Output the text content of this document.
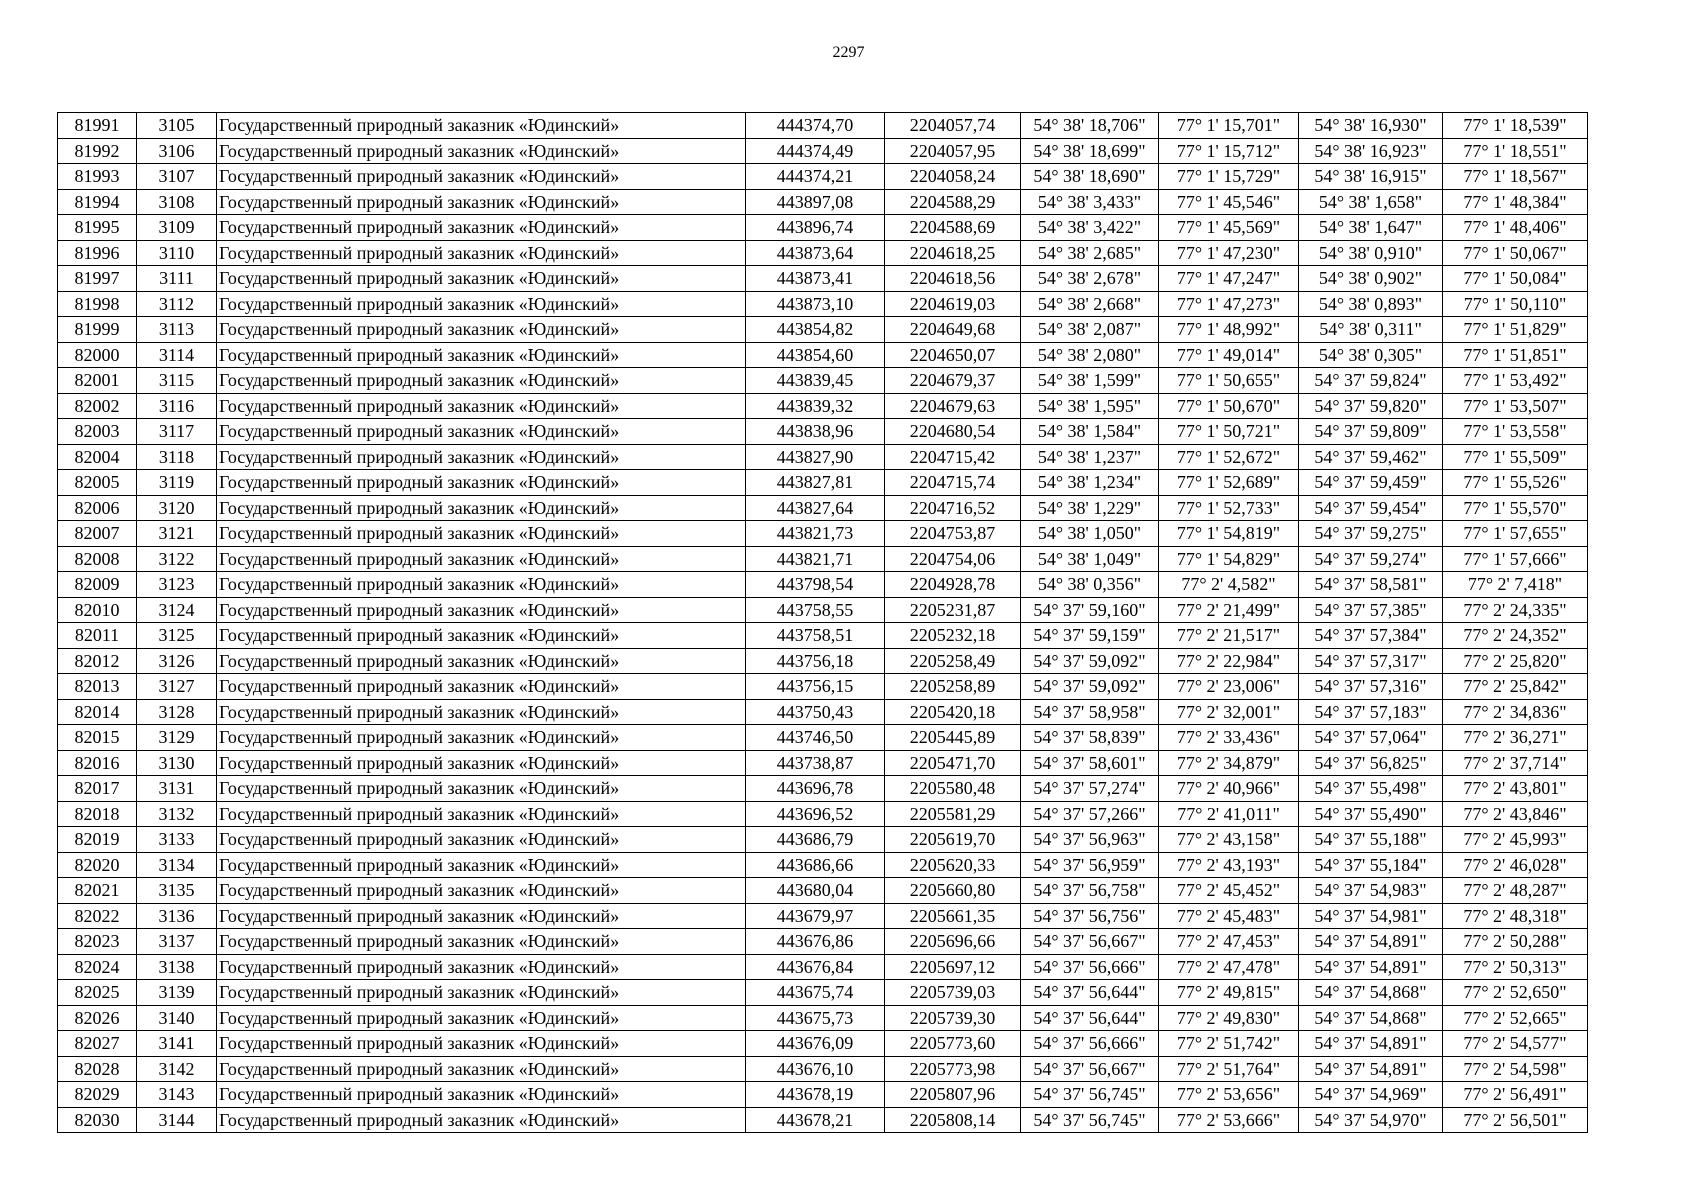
2297
81991	3105	Государственный природный заказник «Юдинский»	444374,70	2204057,74	54° 38' 18,706"	77° 1' 15,701"	54° 38' 16,930"	77° 1' 18,539"
81992	3106	Государственный природный заказник «Юдинский»	444374,49	2204057,95	54° 38' 18,699"	77° 1' 15,712"	54° 38' 16,923"	77° 1' 18,551"
81993	3107	Государственный природный заказник «Юдинский»	444374,21	2204058,24	54° 38' 18,690"	77° 1' 15,729"	54° 38' 16,915"	77° 1' 18,567"
81994	3108	Государственный природный заказник «Юдинский»	443897,08	2204588,29	54° 38' 3,433"	77° 1' 45,546"	54° 38' 1,658"	77° 1' 48,384"
81995	3109	Государственный природный заказник «Юдинский»	443896,74	2204588,69	54° 38' 3,422"	77° 1' 45,569"	54° 38' 1,647"	77° 1' 48,406"
81996	3110	Государственный природный заказник «Юдинский»	443873,64	2204618,25	54° 38' 2,685"	77° 1' 47,230"	54° 38' 0,910"	77° 1' 50,067"
81997	3111	Государственный природный заказник «Юдинский»	443873,41	2204618,56	54° 38' 2,678"	77° 1' 47,247"	54° 38' 0,902"	77° 1' 50,084"
81998	3112	Государственный природный заказник «Юдинский»	443873,10	2204619,03	54° 38' 2,668"	77° 1' 47,273"	54° 38' 0,893"	77° 1' 50,110"
81999	3113	Государственный природный заказник «Юдинский»	443854,82	2204649,68	54° 38' 2,087"	77° 1' 48,992"	54° 38' 0,311"	77° 1' 51,829"
82000	3114	Государственный природный заказник «Юдинский»	443854,60	2204650,07	54° 38' 2,080"	77° 1' 49,014"	54° 38' 0,305"	77° 1' 51,851"
82001	3115	Государственный природный заказник «Юдинский»	443839,45	2204679,37	54° 38' 1,599"	77° 1' 50,655"	54° 37' 59,824"	77° 1' 53,492"
82002	3116	Государственный природный заказник «Юдинский»	443839,32	2204679,63	54° 38' 1,595"	77° 1' 50,670"	54° 37' 59,820"	77° 1' 53,507"
82003	3117	Государственный природный заказник «Юдинский»	443838,96	2204680,54	54° 38' 1,584"	77° 1' 50,721"	54° 37' 59,809"	77° 1' 53,558"
82004	3118	Государственный природный заказник «Юдинский»	443827,90	2204715,42	54° 38' 1,237"	77° 1' 52,672"	54° 37' 59,462"	77° 1' 55,509"
82005	3119	Государственный природный заказник «Юдинский»	443827,81	2204715,74	54° 38' 1,234"	77° 1' 52,689"	54° 37' 59,459"	77° 1' 55,526"
82006	3120	Государственный природный заказник «Юдинский»	443827,64	2204716,52	54° 38' 1,229"	77° 1' 52,733"	54° 37' 59,454"	77° 1' 55,570"
82007	3121	Государственный природный заказник «Юдинский»	443821,73	2204753,87	54° 38' 1,050"	77° 1' 54,819"	54° 37' 59,275"	77° 1' 57,655"
82008	3122	Государственный природный заказник «Юдинский»	443821,71	2204754,06	54° 38' 1,049"	77° 1' 54,829"	54° 37' 59,274"	77° 1' 57,666"
82009	3123	Государственный природный заказник «Юдинский»	443798,54	2204928,78	54° 38' 0,356"	77° 2' 4,582"	54° 37' 58,581"	77° 2' 7,418"
82010	3124	Государственный природный заказник «Юдинский»	443758,55	2205231,87	54° 37' 59,160"	77° 2' 21,499"	54° 37' 57,385"	77° 2' 24,335"
82011	3125	Государственный природный заказник «Юдинский»	443758,51	2205232,18	54° 37' 59,159"	77° 2' 21,517"	54° 37' 57,384"	77° 2' 24,352"
82012	3126	Государственный природный заказник «Юдинский»	443756,18	2205258,49	54° 37' 59,092"	77° 2' 22,984"	54° 37' 57,317"	77° 2' 25,820"
82013	3127	Государственный природный заказник «Юдинский»	443756,15	2205258,89	54° 37' 59,092"	77° 2' 23,006"	54° 37' 57,316"	77° 2' 25,842"
82014	3128	Государственный природный заказник «Юдинский»	443750,43	2205420,18	54° 37' 58,958"	77° 2' 32,001"	54° 37' 57,183"	77° 2' 34,836"
82015	3129	Государственный природный заказник «Юдинский»	443746,50	2205445,89	54° 37' 58,839"	77° 2' 33,436"	54° 37' 57,064"	77° 2' 36,271"
82016	3130	Государственный природный заказник «Юдинский»	443738,87	2205471,70	54° 37' 58,601"	77° 2' 34,879"	54° 37' 56,825"	77° 2' 37,714"
82017	3131	Государственный природный заказник «Юдинский»	443696,78	2205580,48	54° 37' 57,274"	77° 2' 40,966"	54° 37' 55,498"	77° 2' 43,801"
82018	3132	Государственный природный заказник «Юдинский»	443696,52	2205581,29	54° 37' 57,266"	77° 2' 41,011"	54° 37' 55,490"	77° 2' 43,846"
82019	3133	Государственный природный заказник «Юдинский»	443686,79	2205619,70	54° 37' 56,963"	77° 2' 43,158"	54° 37' 55,188"	77° 2' 45,993"
82020	3134	Государственный природный заказник «Юдинский»	443686,66	2205620,33	54° 37' 56,959"	77° 2' 43,193"	54° 37' 55,184"	77° 2' 46,028"
82021	3135	Государственный природный заказник «Юдинский»	443680,04	2205660,80	54° 37' 56,758"	77° 2' 45,452"	54° 37' 54,983"	77° 2' 48,287"
82022	3136	Государственный природный заказник «Юдинский»	443679,97	2205661,35	54° 37' 56,756"	77° 2' 45,483"	54° 37' 54,981"	77° 2' 48,318"
82023	3137	Государственный природный заказник «Юдинский»	443676,86	2205696,66	54° 37' 56,667"	77° 2' 47,453"	54° 37' 54,891"	77° 2' 50,288"
82024	3138	Государственный природный заказник «Юдинский»	443676,84	2205697,12	54° 37' 56,666"	77° 2' 47,478"	54° 37' 54,891"	77° 2' 50,313"
82025	3139	Государственный природный заказник «Юдинский»	443675,74	2205739,03	54° 37' 56,644"	77° 2' 49,815"	54° 37' 54,868"	77° 2' 52,650"
82026	3140	Государственный природный заказник «Юдинский»	443675,73	2205739,30	54° 37' 56,644"	77° 2' 49,830"	54° 37' 54,868"	77° 2' 52,665"
82027	3141	Государственный природный заказник «Юдинский»	443676,09	2205773,60	54° 37' 56,666"	77° 2' 51,742"	54° 37' 54,891"	77° 2' 54,577"
82028	3142	Государственный природный заказник «Юдинский»	443676,10	2205773,98	54° 37' 56,667"	77° 2' 51,764"	54° 37' 54,891"	77° 2' 54,598"
82029	3143	Государственный природный заказник «Юдинский»	443678,19	2205807,96	54° 37' 56,745"	77° 2' 53,656"	54° 37' 54,969"	77° 2' 56,491"
82030	3144	Государственный природный заказник «Юдинский»	443678,21	2205808,14	54° 37' 56,745"	77° 2' 53,666"	54° 37' 54,970"	77° 2' 56,501"
